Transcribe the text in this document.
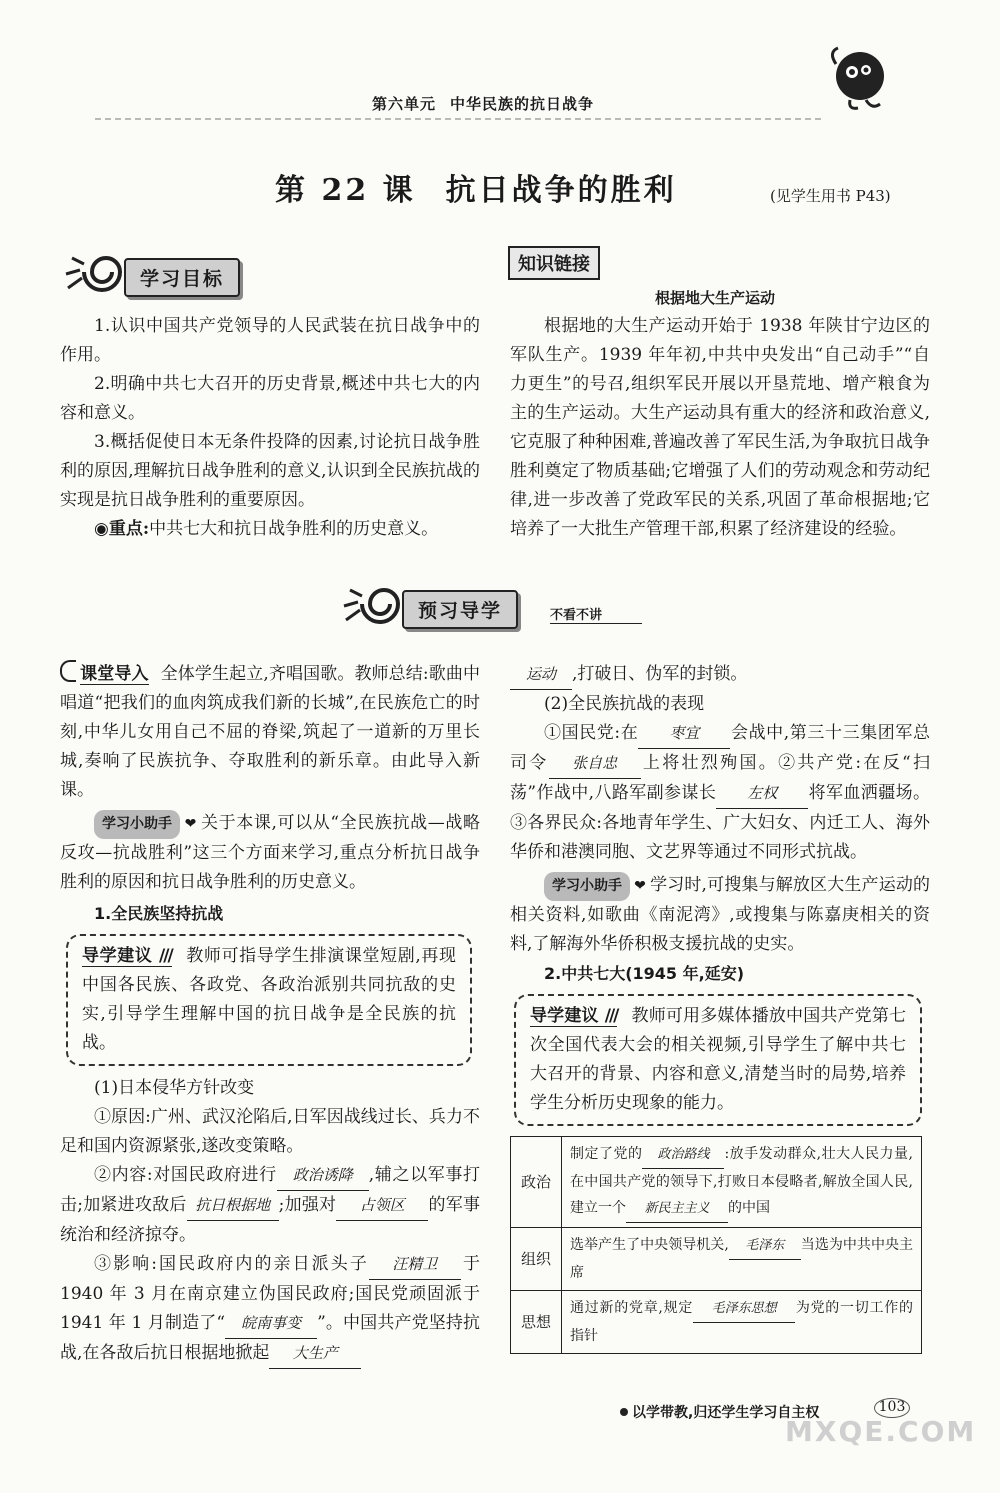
第六单元 中华民族的抗日战争
第 22 课 抗日战争的胜利	(见学生用书 P43)
学习目标
1.认识中国共产党领导的人民武装在抗日战争中的作用。
2.明确中共七大召开的历史背景,概述中共七大的内容和意义。
3.概括促使日本无条件投降的因素,讨论抗日战争胜利的原因,理解抗日战争胜利的意义,认识到全民族抗战的实现是抗日战争胜利的重要原因。
◉重点:中共七大和抗日战争胜利的历史意义。
知识链接
根据地大生产运动
根据地的大生产运动开始于 1938 年陕甘宁边区的军队生产。1939 年年初,中共中央发出“自己动手”“自力更生”的号召,组织军民开展以开垦荒地、增产粮食为主的生产运动。大生产运动具有重大的经济和政治意义,它克服了种种困难,普遍改善了军民生活,为争取抗日战争胜利奠定了物质基础;它增强了人们的劳动观念和劳动纪律,进一步改善了党政军民的关系,巩固了革命根据地;它培养了一大批生产管理干部,积累了经济建设的经验。
预习导学	不看不讲
课堂导入 全体学生起立,齐唱国歌。教师总结:歌曲中唱道“把我们的血肉筑成我们新的长城”,在民族危亡的时刻,中华儿女用自己不屈的脊梁,筑起了一道新的万里长城,奏响了民族抗争、夺取胜利的新乐章。由此导入新课。
学习小助手 ❤ 关于本课,可以从“全民族抗战—战略反攻—抗战胜利”这三个方面来学习,重点分析抗日战争胜利的原因和抗日战争胜利的历史意义。
1.全民族坚持抗战
导学建议 /// 教师可指导学生排演课堂短剧,再现中国各民族、各政党、各政治派别共同抗敌的史实,引导学生理解中国的抗日战争是全民族的抗战。
(1)日本侵华方针改变
①原因:广州、武汉沦陷后,日军因战线过长、兵力不足和国内资源紧张,遂改变策略。
②内容:对国民政府进行 政治诱降 ,辅之以军事打击;加紧进攻敌后 抗日根据地 ;加强对 占领区 的军事统治和经济掠夺。
③影响:国民政府内的亲日派头子 汪精卫 于 1940 年 3 月在南京建立伪国民政府;国民党顽固派于 1941 年 1 月制造了“ 皖南事变 ”。中国共产党坚持抗战,在各敌后抗日根据地掀起 大生产
运动 ,打破日、伪军的封锁。
(2)全民族抗战的表现
①国民党:在 枣宜 会战中,第三十三集团军总司令 张自忠 上将壮烈殉国。②共产党:在反“扫荡”作战中,八路军副参谋长 左权 将军血洒疆场。③各界民众:各地青年学生、广大妇女、内迁工人、海外华侨和港澳同胞、文艺界等通过不同形式抗战。
学习小助手 ❤ 学习时,可搜集与解放区大生产运动的相关资料,如歌曲《南泥湾》,或搜集与陈嘉庚相关的资料,了解海外华侨积极支援抗战的史实。
2.中共七大(1945 年,延安)
导学建议 /// 教师可用多媒体播放中国共产党第七次全国代表大会的相关视频,引导学生了解中共七大召开的背景、内容和意义,清楚当时的局势,培养学生分析历史现象的能力。
政治	制定了党的 政治路线 :放手发动群众,壮大人民力量,在中国共产党的领导下,打败日本侵略者,解放全国人民,建立一个 新民主主义 的中国
组织	选举产生了中央领导机关, 毛泽东 当选为中共中央主席
思想	通过新的党章,规定 毛泽东思想 为党的一切工作的指针
以学带教,归还学生学习自主权	103
MXQE.COM
